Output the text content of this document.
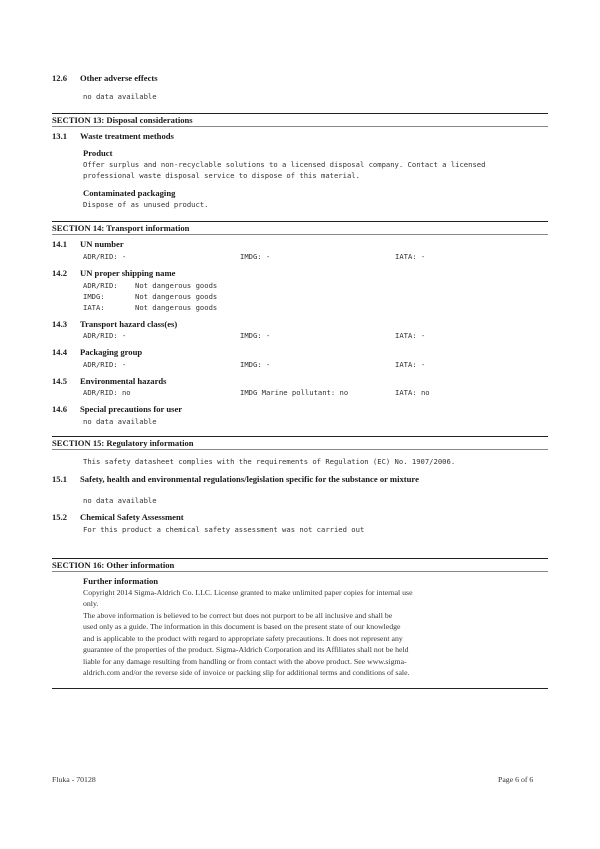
12.6 Other adverse effects
no data available
SECTION 13: Disposal considerations
13.1 Waste treatment methods
Product
Offer surplus and non-recyclable solutions to a licensed disposal company. Contact a licensed
professional waste disposal service to dispose of this material.
Contaminated packaging
Dispose of as unused product.
SECTION 14: Transport information
14.1 UN number
ADR/RID: -	IMDG: -	IATA: -
14.2 UN proper shipping name
ADR/RID: Not dangerous goods
IMDG:	Not dangerous goods
IATA:	Not dangerous goods
14.3 Transport hazard class(es)
ADR/RID: -	IMDG: -	IATA: -
14.4 Packaging group
ADR/RID: -	IMDG: -	IATA: -
14.5 Environmental hazards
ADR/RID: no	IMDG Marine pollutant: no	IATA: no
14.6 Special precautions for user
no data available
SECTION 15: Regulatory information
This safety datasheet complies with the requirements of Regulation (EC) No. 1907/2006.
15.1 Safety, health and environmental regulations/legislation specific for the substance or mixture
no data available
15.2 Chemical Safety Assessment
For this product a chemical safety assessment was not carried out
SECTION 16: Other information
Further information
Copyright 2014 Sigma-Aldrich Co. LLC. License granted to make unlimited paper copies for internal use
only.
The above information is believed to be correct but does not purport to be all inclusive and shall be
used only as a guide. The information in this document is based on the present state of our knowledge
and is applicable to the product with regard to appropriate safety precautions. It does not represent any
guarantee of the properties of the product. Sigma-Aldrich Corporation and its Affiliates shall not be held
liable for any damage resulting from handling or from contact with the above product. See www.sigma-
aldrich.com and/or the reverse side of invoice or packing slip for additional terms and conditions of sale.
Fluka - 70128	Page 6 of 6
